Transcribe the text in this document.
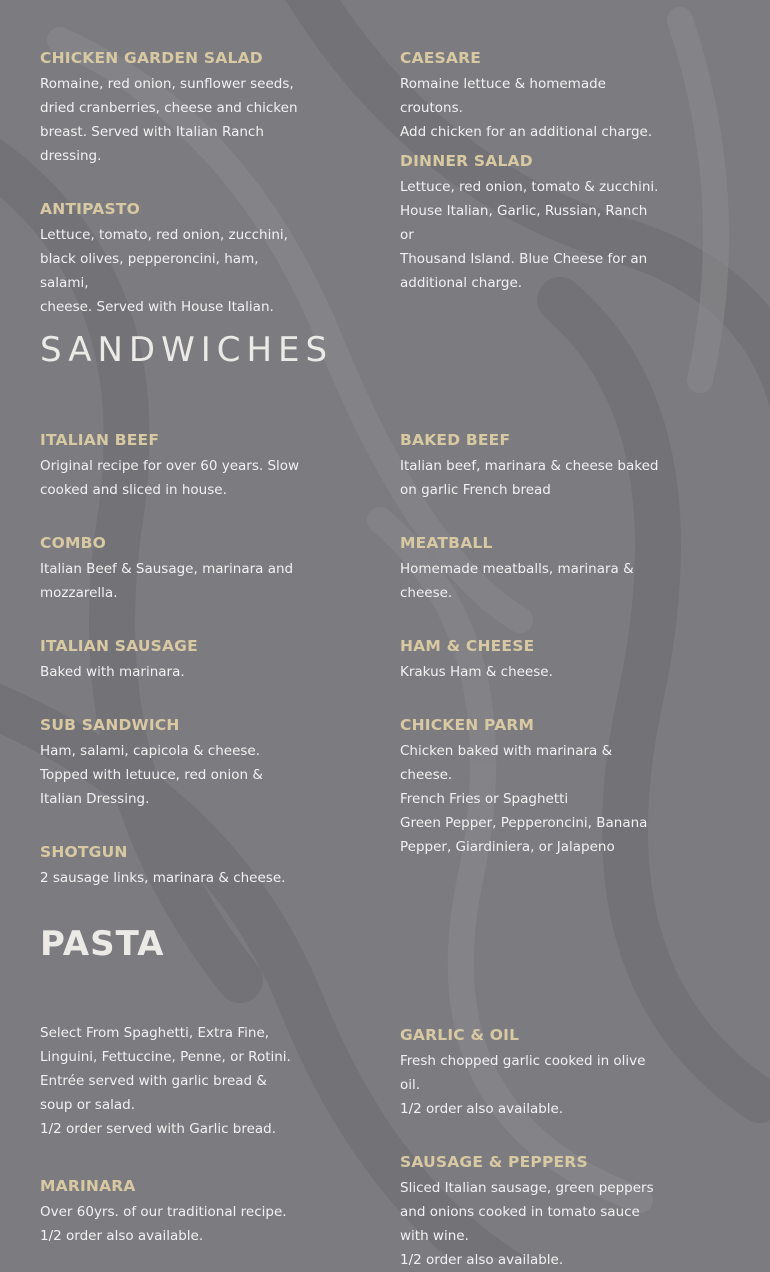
CHICKEN GARDEN SALAD

Romaine, red onion, sunflower seeds,
dried cranberries, cheese and chicken
breast. Served with Italian Ranch
dressing.

ANTIPASTO

Lettuce, tomato, red onion, zucchini,
black olives, pepperoncini, ham, salami,
cheese. Served with House Italian.

CAESARE

Romaine lettuce & homemade croutons.
Add chicken for an additional charge.

DINNER SALAD

Lettuce, red onion, tomato & zucchini.
House Italian, Garlic, Russian, Ranch or
Thousand Island. Blue Cheese for an
additional charge.

SANDWICHES
ITALIAN BEEF

Original recipe for over 60 years. Slow
cooked and sliced in house.

COMBO

Italian Beef & Sausage, marinara and
mozzarella.

ITALIAN SAUSAGE

Baked with marinara.

SUB SANDWICH

Ham, salami, capicola & cheese.
Topped with letuuce, red onion &
Italian Dressing.

SHOTGUN

2 sausage links, marinara & cheese.

BAKED BEEF

Italian beef, marinara & cheese baked
on garlic French bread

MEATBALL

Homemade meatballs, marinara &
cheese.

HAM & CHEESE

Krakus Ham & cheese.

CHICKEN PARM

Chicken baked with marinara &
cheese.
French Fries or Spaghetti
Green Pepper, Pepperoncini, Banana
Pepper, Giardiniera, or Jalapeno

PASTA

Select From Spaghetti, Extra Fine,
Linguini, Fettuccine, Penne, or Rotini.
Entrée served with garlic bread &
soup or salad.
1/2 order served with Garlic bread.

MARINARA

Over 60yrs. of our traditional recipe.
1/2 order also available.

GARLIC & OIL

Fresh chopped garlic cooked in olive
oil.
1/2 order also available.

SAUSAGE & PEPPERS

Sliced Italian sausage, green peppers
and onions cooked in tomato sauce
with wine.
1/2 order also available.
